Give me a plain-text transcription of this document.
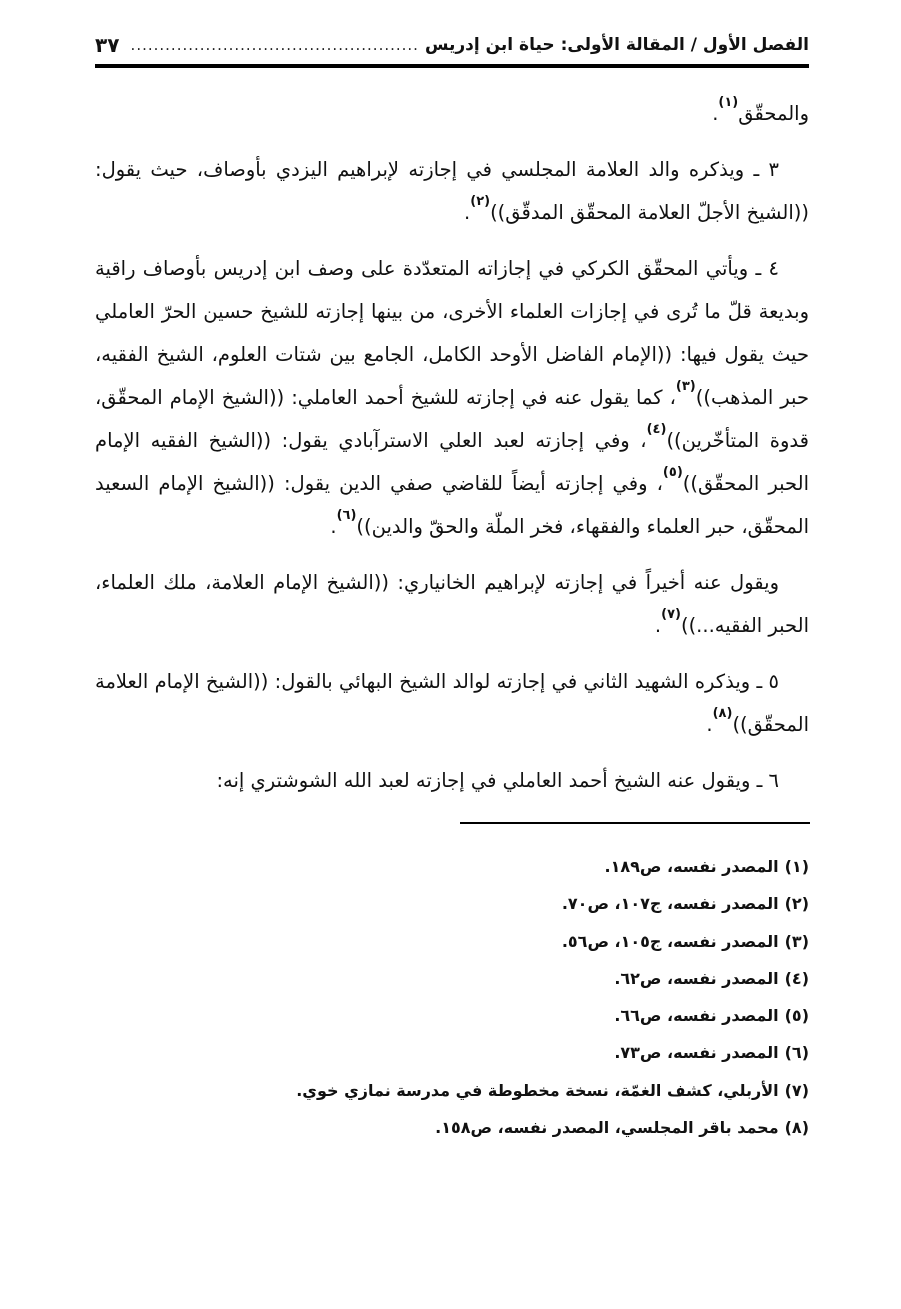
الفصل الأول / المقالة الأولى: حياة ابن إدريس
..................................................
٣٧

والمحقّق$^{(١)}$.

٣ ـ ويذكره والد العلامة المجلسي في إجازته لإبراهيم اليزدي بأوصاف، حيث يقول: ((الشيخ الأجلّ العلامة المحقّق المدقّق))$^{(٢)}$.

٤ ـ ويأتي المحقّق الكركي في إجازاته المتعدّدة على وصف ابن إدريس بأوصاف راقية وبديعة قلّ ما تُرى في إجازات العلماء الأخرى، من بينها إجازته للشيخ حسين الحرّ العاملي حيث يقول فيها: ((الإمام الفاضل الأوحد الكامل، الجامع بين شتات العلوم، الشيخ الفقيه، حبر المذهب))$^{(٣)}$، كما يقول عنه في إجازته للشيخ أحمد العاملي: ((الشيخ الإمام المحقّق، قدوة المتأخّرين))$^{(٤)}$، وفي إجازته لعبد العلي الاسترآبادي يقول: ((الشيخ الفقيه الإمام الحبر المحقّق))$^{(٥)}$، وفي إجازته أيضاً للقاضي صفي الدين يقول: ((الشيخ الإمام السعيد المحقّق، حبر العلماء والفقهاء، فخر الملّة والحقّ والدين))$^{(٦)}$.

ويقول عنه أخيراً في إجازته لإبراهيم الخانياري: ((الشيخ الإمام العلامة، ملك العلماء، الحبر الفقيه...))$^{(٧)}$.

٥ ـ ويذكره الشهيد الثاني في إجازته لوالد الشيخ البهائي بالقول: ((الشيخ الإمام العلامة المحقّق))$^{(٨)}$.

٦ ـ ويقول عنه الشيخ أحمد العاملي في إجازته لعبد الله الشوشتري إنه:

(١)المصدر نفسه، ص١٨٩.
(٢)المصدر نفسه، ج١٠٧، ص٧٠.
(٣)المصدر نفسه، ج١٠٥، ص٥٦.
(٤)المصدر نفسه، ص٦٢.
(٥)المصدر نفسه، ص٦٦.
(٦)المصدر نفسه، ص٧٣.
(٧)الأربلي، كشف الغمّة، نسخة مخطوطة في مدرسة نمازي خوي.
(٨)محمد باقر المجلسي، المصدر نفسه، ص١٥٨.
